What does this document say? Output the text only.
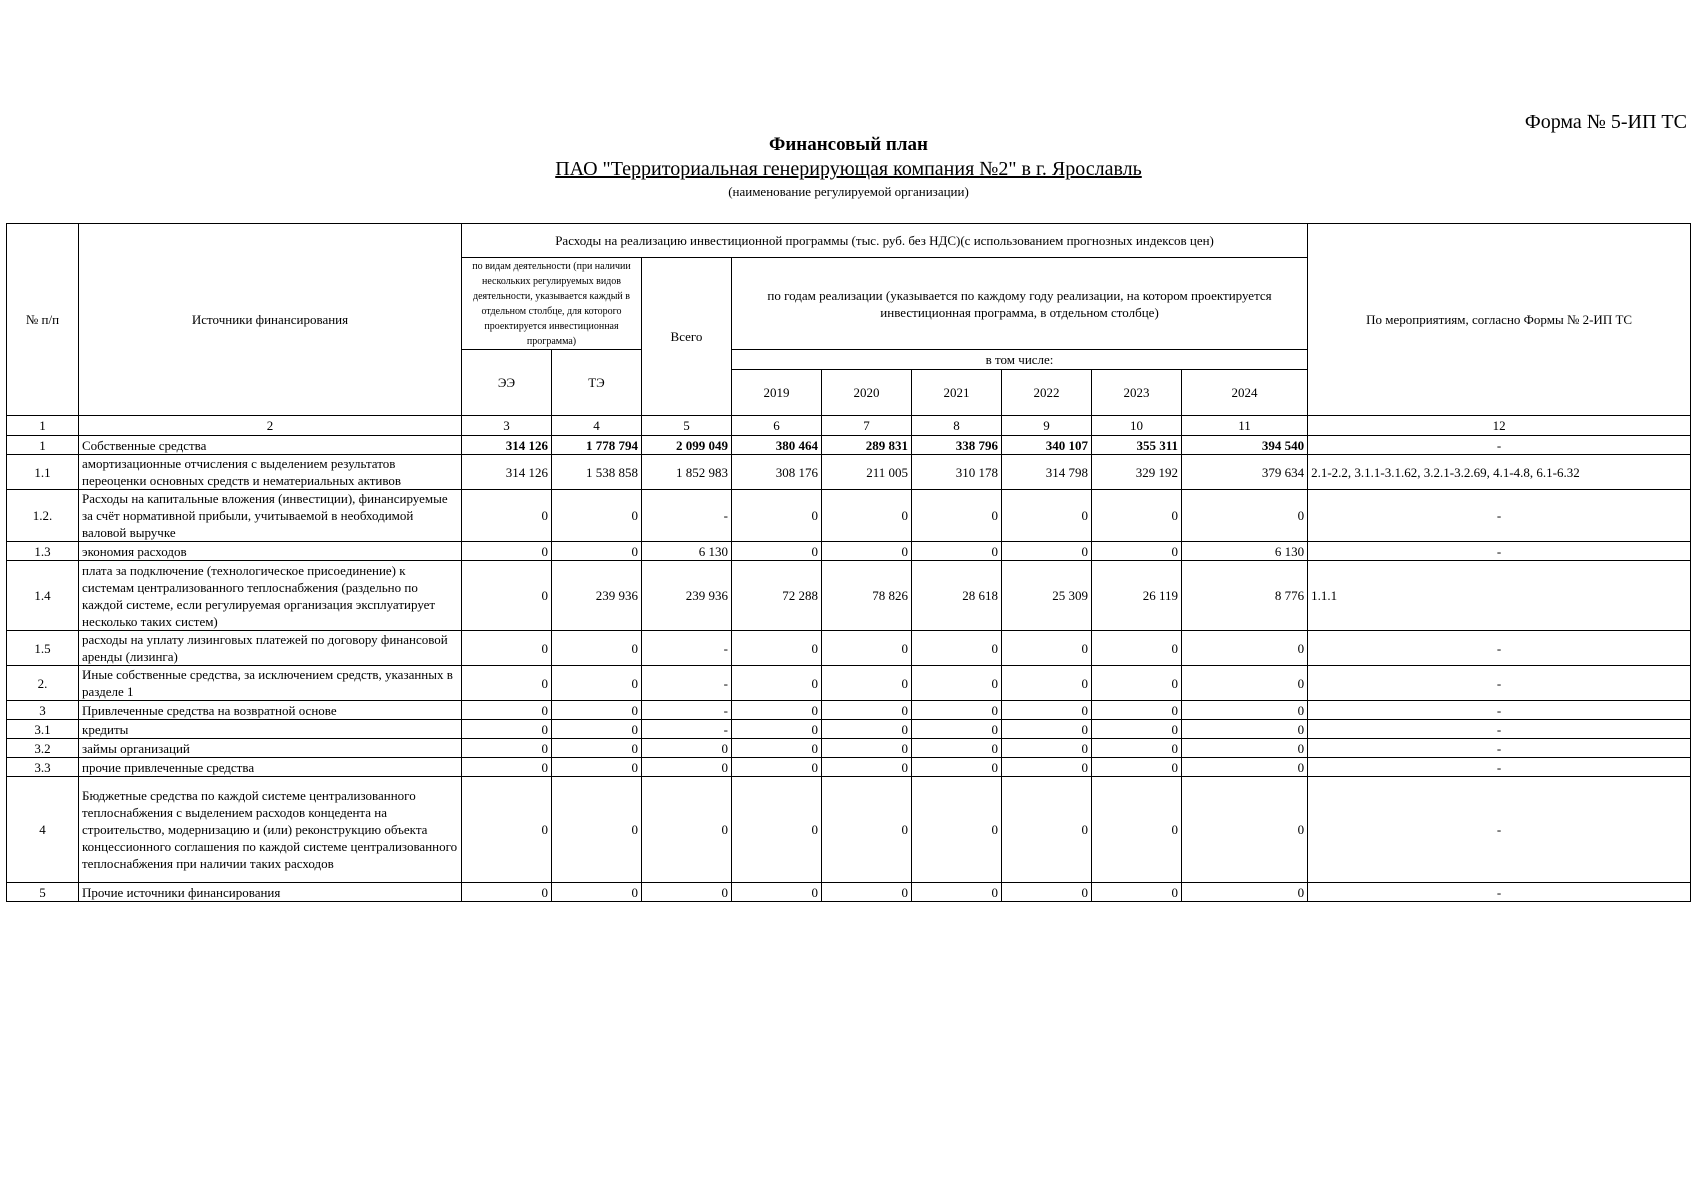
Форма № 5-ИП ТС
Финансовый план
ПАО "Территориальная генерирующая компания №2" в г. Ярославль
(наименование регулируемой организации)
№ п/п	Источники финансирования	Расходы на реализацию инвестиционной программы (тыс. руб. без НДС)(с использованием прогнозных индексов цен)									По мероприятиям, согласно Формы № 2-ИП ТС
		по видам деятельности (при наличии нескольких регулируемых видов деятельности, указывается каждый в отдельном столбце, для которого проектируется инвестиционная программа)		Всего	по годам реализации (указывается по каждому году реализации, на котором проектируется инвестиционная программа, в отдельном столбце)						
		ЭЭ	ТЭ		в том числе:						
					2019	2020	2021	2022	2023	2024	
1	2	3	4	5	6	7	8	9	10	11	12
1	Собственные средства	314 126	1 778 794	2 099 049	380 464	289 831	338 796	340 107	355 311	394 540	-
1.1	амортизационные отчисления с выделением результатов переоценки основных средств и нематериальных активов	314 126	1 538 858	1 852 983	308 176	211 005	310 178	314 798	329 192	379 634	2.1-2.2, 3.1.1-3.1.62, 3.2.1-3.2.69, 4.1-4.8, 6.1-6.32
1.2.	Расходы на капитальные вложения (инвестиции), финансируемые за счёт нормативной прибыли, учитываемой в необходимой валовой выручке	0	0	-	0	0	0	0	0	0	-
1.3	экономия расходов	0	0	6 130	0	0	0	0	0	6 130	-
1.4	плата за подключение (технологическое присоединение) к системам централизованного теплоснабжения (раздельно по каждой системе, если регулируемая организация эксплуатирует несколько таких систем)	0	239 936	239 936	72 288	78 826	28 618	25 309	26 119	8 776	1.1.1
1.5	расходы на уплату лизинговых платежей по договору финансовой аренды (лизинга)	0	0	-	0	0	0	0	0	0	-
2.	Иные собственные средства, за исключением средств, указанных в разделе 1	0	0	-	0	0	0	0	0	0	-
3	Привлеченные средства на возвратной основе	0	0	-	0	0	0	0	0	0	-
3.1	кредиты	0	0	-	0	0	0	0	0	0	-
3.2	займы организаций	0	0	0	0	0	0	0	0	0	-
3.3	прочие привлеченные средства	0	0	0	0	0	0	0	0	0	-
4	Бюджетные средства по каждой системе централизованного теплоснабжения с выделением расходов концедента на строительство, модернизацию и (или) реконструкцию объекта концессионного соглашения по каждой системе централизованного теплоснабжения при наличии таких расходов	0	0	0	0	0	0	0	0	0	-
5	Прочие источники финансирования	0	0	0	0	0	0	0	0	0	-
